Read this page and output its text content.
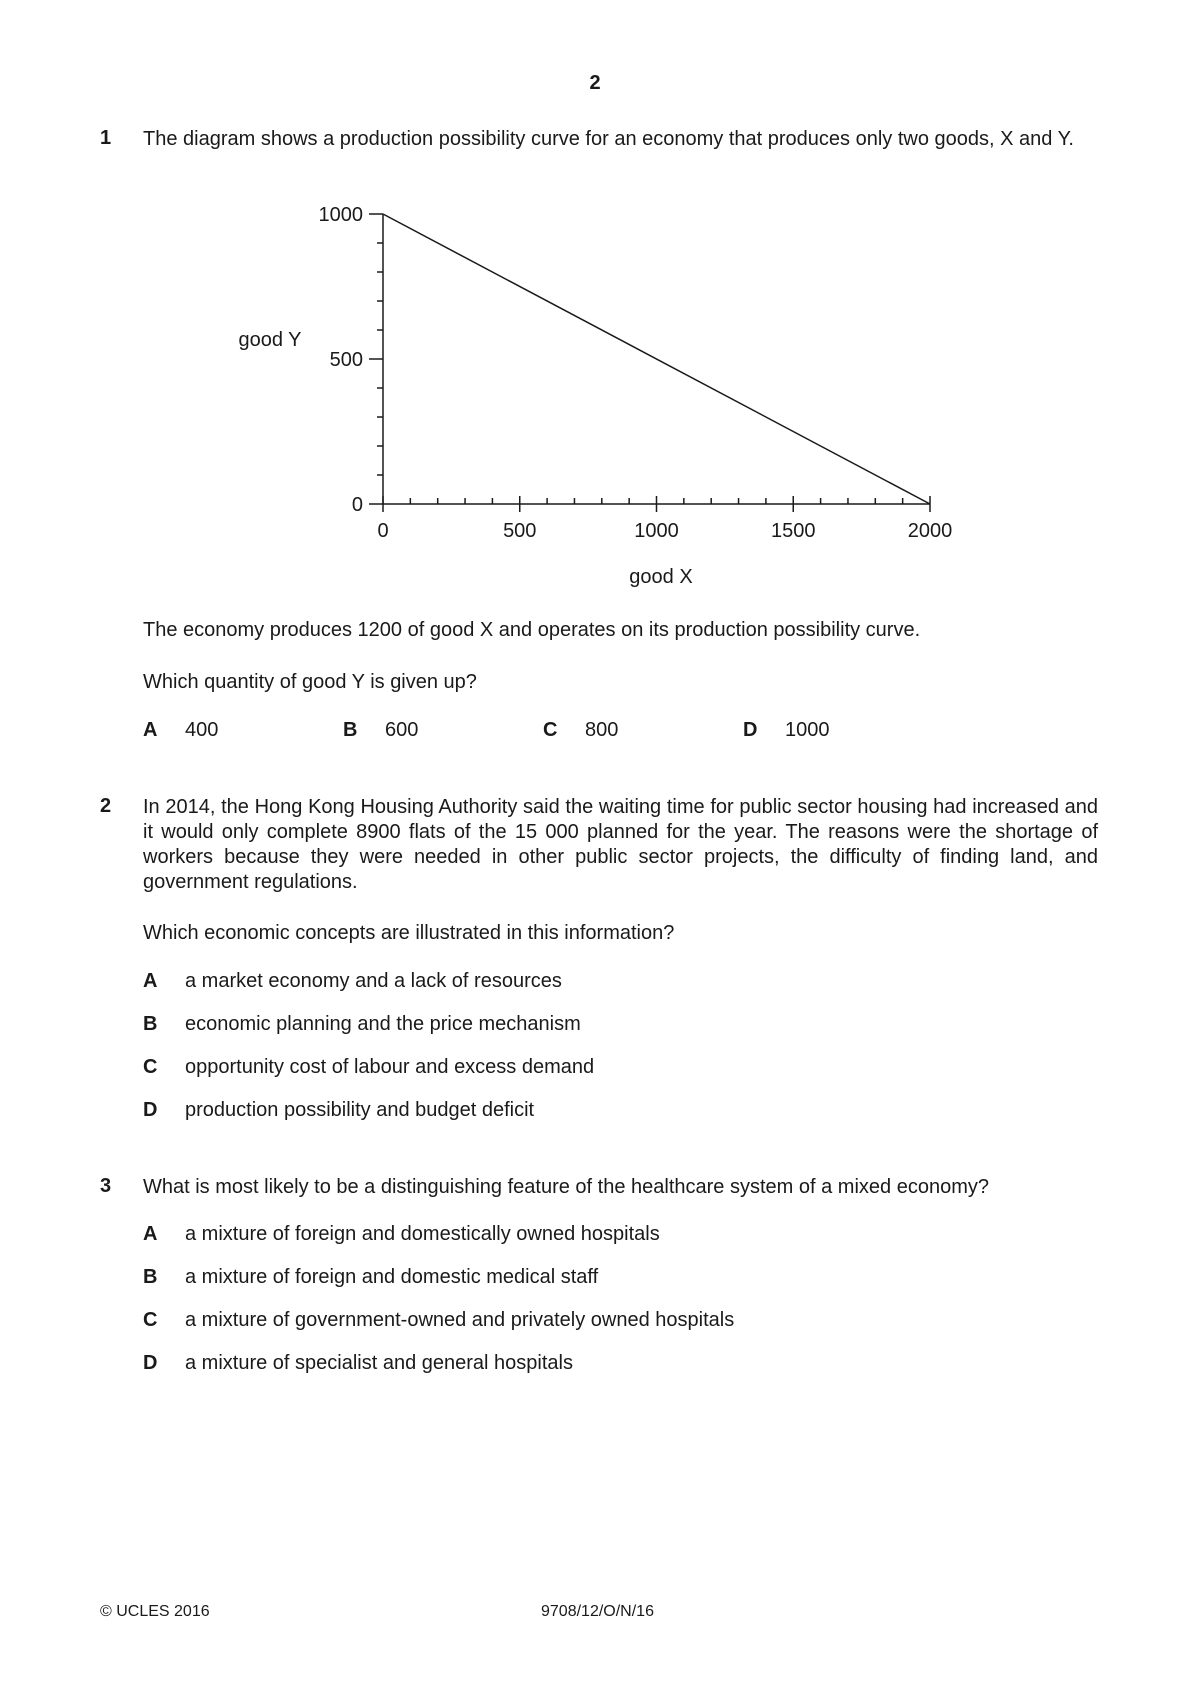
2
1 The diagram shows a production possibility curve for an economy that produces only two goods, X and Y.
0
500
1000
0	500	1000	1500	2000
good Y
good X
The economy produces 1200 of good X and operates on its production possibility curve.
Which quantity of good Y is given up?
A 400	B 600	C 800	D 1000
2 In 2014, the Hong Kong Housing Authority said the waiting time for public sector housing had increased and it would only complete 8900 flats of the 15 000 planned for the year. The reasons were the shortage of workers because they were needed in other public sector projects, the difficulty of finding land, and government regulations.
Which economic concepts are illustrated in this information?
A a market economy and a lack of resources
B economic planning and the price mechanism
C opportunity cost of labour and excess demand
D production possibility and budget deficit
3 What is most likely to be a distinguishing feature of the healthcare system of a mixed economy?
A a mixture of foreign and domestically owned hospitals
B a mixture of foreign and domestic medical staff
C a mixture of government-owned and privately owned hospitals
D a mixture of specialist and general hospitals
© UCLES 2016	9708/12/O/N/16
